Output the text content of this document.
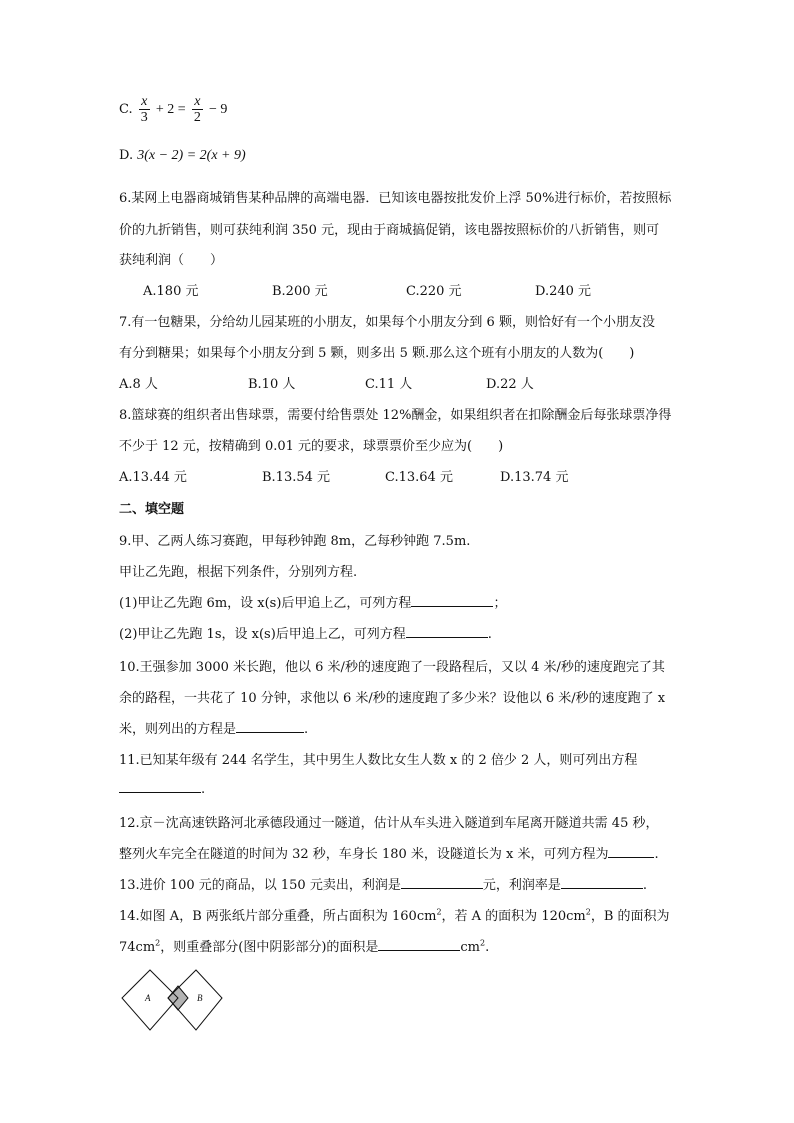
C. $\frac{x}{3} + 2 = \frac{x}{2} - 9$
D. 3(x − 2) = 2(x + 9)
6.某网上电器商城销售某种品牌的高端电器．已知该电器按批发价上浮 50%进行标价，若按照标
价的九折销售，则可获纯利润 350 元，现由于商城搞促销，该电器按照标价的八折销售，则可
获纯利润（　　）
A.180 元	B.200 元	C.220 元	D.240 元
7.有一包糖果，分给幼儿园某班的小朋友，如果每个小朋友分到 6 颗，则恰好有一个小朋友没
有分到糖果；如果每个小朋友分到 5 颗，则多出 5 颗.那么这个班有小朋友的人数为(　　)
A.8 人	B.10 人	C.11 人	D.22 人
8.篮球赛的组织者出售球票，需要付给售票处 12%酬金，如果组织者在扣除酬金后每张球票净得
不少于 12 元，按精确到 0.01 元的要求，球票票价至少应为(　　)
A.13.44 元	B.13.54 元	C.13.64 元	D.13.74 元
二、填空题
9.甲、乙两人练习赛跑，甲每秒钟跑 8m，乙每秒钟跑 7.5m.
甲让乙先跑，根据下列条件，分别列方程.
(1)甲让乙先跑 6m，设 x(s)后甲追上乙，可列方程	；
(2)甲让乙先跑 1s，设 x(s)后甲追上乙，可列方程	.
10.王强参加 3000 米长跑，他以 6 米/秒的速度跑了一段路程后，又以 4 米/秒的速度跑完了其
余的路程，一共花了 10 分钟，求他以 6 米/秒的速度跑了多少米？设他以 6 米/秒的速度跑了 x
米，则列出的方程是	.
11.已知某年级有 244 名学生，其中男生人数比女生人数 x 的 2 倍少 2 人，则可列出方程
.
12.京－沈高速铁路河北承德段通过一隧道，估计从车头进入隧道到车尾离开隧道共需 45 秒，
整列火车完全在隧道的时间为 32 秒，车身长 180 米，设隧道长为 x 米，可列方程为	.
13.进价 100 元的商品，以 150 元卖出，利润是	元，利润率是	.
14.如图 A，B 两张纸片部分重叠，所占面积为 $160cm^2$，若 A 的面积为 $120cm^2$，B 的面积为
$74cm^2$，则重叠部分(图中阴影部分)的面积是	$cm^2$.
A	B
